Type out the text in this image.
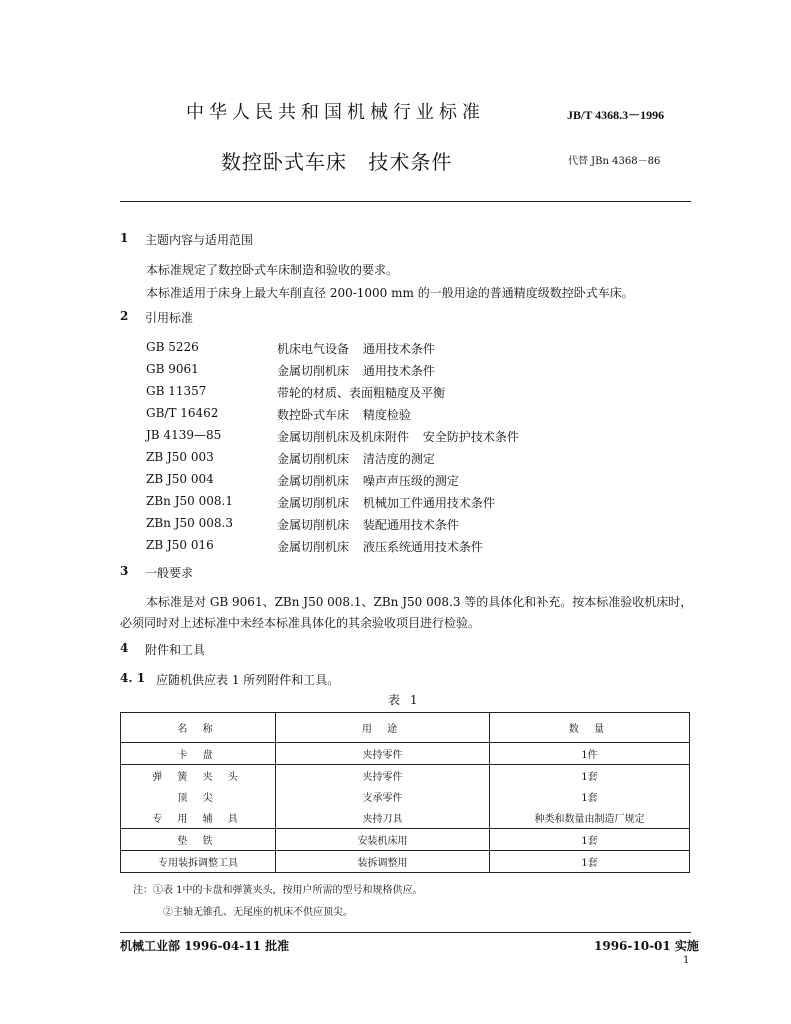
中华人民共和国机械行业标准	JB/T 4368.3－1996
数控卧式车床 技术条件	代替 JBn 4368－86
1 主题内容与适用范围
本标准规定了数控卧式车床制造和验收的要求。
本标准适用于床身上最大车削直径 200-1000 mm 的一般用途的普通精度级数控卧式车床。
2 引用标准
GB 5226	机床电气设备 通用技术条件
GB 9061	金属切削机床 通用技术条件
GB 11357	带轮的材质、表面粗糙度及平衡
GB/T 16462	数控卧式车床 精度检验
JB 4139—85	金属切削机床及机床附件 安全防护技术条件
ZB J50 003	金属切削机床 清洁度的测定
ZB J50 004	金属切削机床 噪声声压级的测定
ZBn J50 008.1	金属切削机床 机械加工件通用技术条件
ZBn J50 008.3	金属切削机床 装配通用技术条件
ZB J50 016	金属切削机床 液压系统通用技术条件
3 一般要求
本标准是对 GB 9061、ZBn J50 008.1、ZBn J50 008.3 等的具体化和补充。按本标准验收机床时，
必须同时对上述标准中未经本标准具体化的其余验收项目进行检验。
4 附件和工具
4. 1 应随机供应表 1 所列附件和工具。
表 1
名 称	用 途	数 量
卡 盘	夹持零件	1件
弹 簧 夹 头	夹持零件	1套
顶 尖	支承零件	1套
专 用 辅 具	夹持刀具	种类和数量由制造厂规定
垫 铁	安装机床用	1套
专用装拆调整工具	装拆调整用	1套
注：①表 1中的卡盘和弹簧夹头，按用户所需的型号和规格供应。
②主轴无锥孔、无尾座的机床不供应顶尖。
机械工业部 1996-04-11 批准	1996-10-01 实施
1
